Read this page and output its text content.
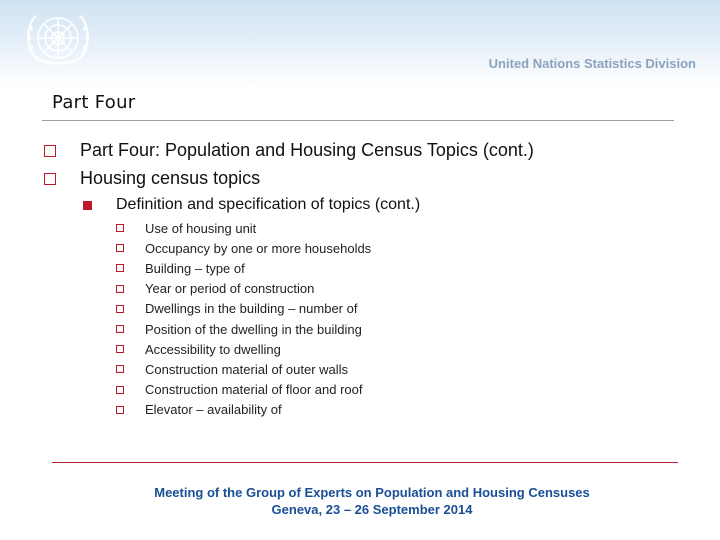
United Nations Statistics Division
Part Four
Part Four: Population and Housing Census Topics (cont.)
Housing census topics
Definition and specification of topics (cont.)
Use of housing unit
Occupancy by one or more households
Building – type of
Year or period of construction
Dwellings in the building – number of
Position of the dwelling in the building
Accessibility to dwelling
Construction material of outer walls
Construction material of floor and roof
Elevator – availability of
Meeting of the Group of Experts on Population and Housing Censuses
Geneva, 23 – 26 September 2014
